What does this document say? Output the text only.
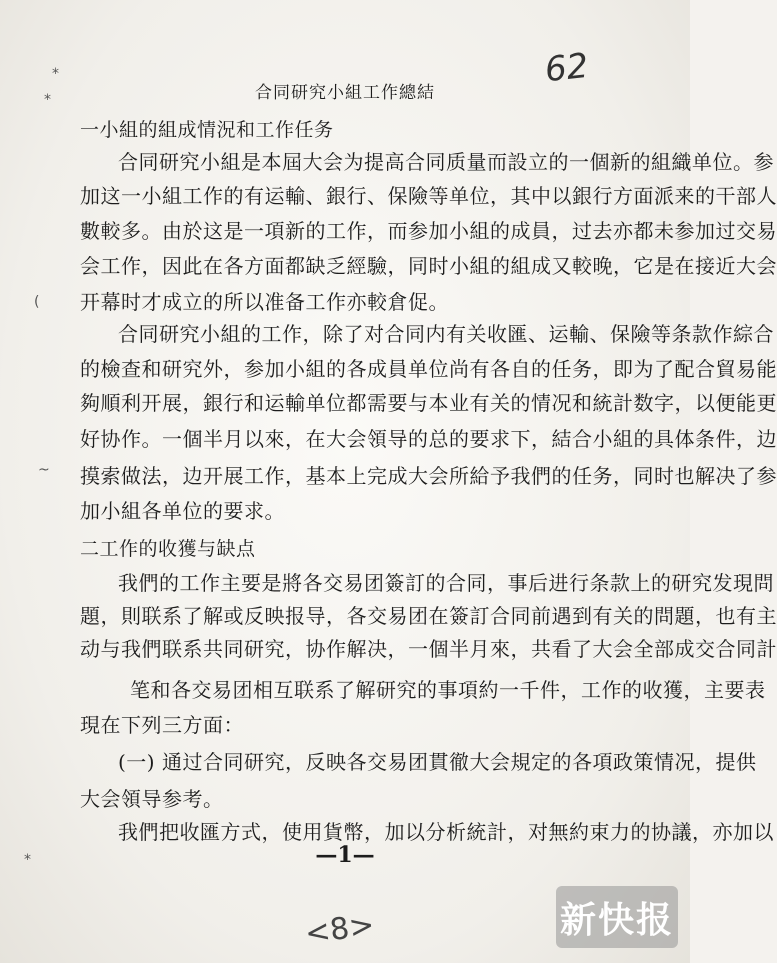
62
合同研究小組工作總結
一小組的組成情況和工作任务
合同研究小組是本屆大会为提高合同质量而設立的一個新的組織单位。参
加这一小組工作的有运輸、銀行、保險等单位，其中以銀行方面派来的干部人
數較多。由於这是一項新的工作，而参加小組的成員，过去亦都未参加过交易
会工作，因此在各方面都缺乏經驗，同时小組的組成又較晚，它是在接近大会
开幕时才成立的所以准备工作亦較倉促。
合同研究小組的工作，除了对合同内有关收匯、运輸、保險等条款作綜合
的檢查和研究外，参加小組的各成員单位尚有各自的任务，即为了配合貿易能
夠順利开展，銀行和运輸单位都需要与本业有关的情况和統計数字，以便能更
好协作。一個半月以來，在大会領导的总的要求下，結合小組的具体条件，边
摸索做法，边开展工作，基本上完成大会所給予我們的任务，同时也解决了参
加小組各单位的要求。
二工作的收獲与缺点
我們的工作主要是將各交易团簽訂的合同，事后进行条款上的研究发現問
題，則联系了解或反映报导，各交易团在簽訂合同前遇到有关的問題，也有主
动与我們联系共同研究，协作解决，一個半月來，共看了大会全部成交合同計
笔和各交易团相互联系了解研究的事項約一千件，工作的收獲，主要表
現在下列三方面：
(一) 通过合同研究，反映各交易团貫徹大会規定的各項政策情况，提供
大会領导参考。
我們把收匯方式，使用貨幣，加以分析統計，对無約束力的协議，亦加以
—1—
<8>
*
*
(
~
*
新快报
